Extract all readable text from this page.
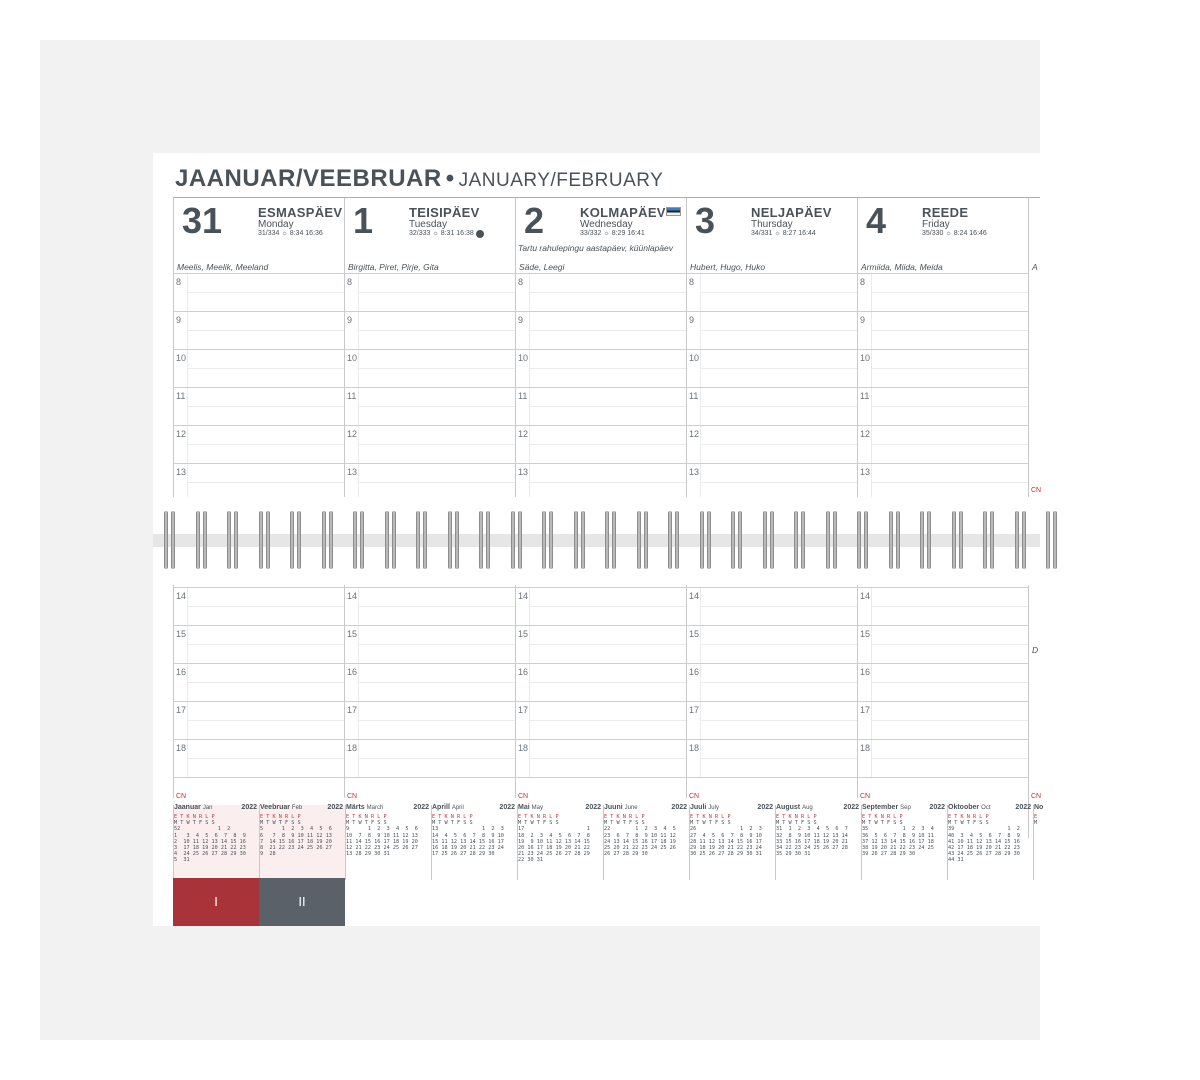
JAANUAR/VEEBRUAR • JANUARY/FEBRUARY
31	ESMASPÄEV
Monday
31/334 ☼ 8:34 16:36
Meelis, Meelik, Meeland
8
9
10
11
12
13
14
15
16
17
18
CN
1	TEISIPÄEV
Tuesday
32/333 ☼ 8:31 16:38
Birgitta, Piret, Pirje, Gita
8
9
10
11
12
13
14
15
16
17
18
CN
2	KOLMAPÄEV
Wednesday
33/332 ☼ 8:29 16:41
Tartu rahulepingu aastapäev, küünlapäev
Säde, Leegi
8
9
10
11
12
13
14
15
16
17
18
CN
3	NELJAPÄEV
Thursday
34/331 ☼ 8:27 16:44
Hubert, Hugo, Huko
8
9
10
11
12
13
14
15
16
17
18
CN
4	REEDE
Friday
35/330 ☼ 8:24 16:46
Armiida, Miida, Meida
8
9
10
11
12
13
14
15
16
17
18
CN
A
CN
D
CN
Jaanuar Jan	2022
E T K N R L P
M T W T F S S
52            1  2
1   3  4  5  6  7  8  9
2  10 11 12 13 14 15 16
3  17 18 19 20 21 22 23
4  24 25 26 27 28 29 30
5  31
Veebruar Feb	2022
E T K N R L P
M T W T F S S
5      1  2  3  4  5  6
6   7  8  9 10 11 12 13
7  14 15 16 17 18 19 20
8  21 22 23 24 25 26 27
9  28
Märts March	2022
E T K N R L P
M T W T F S S
9      1  2  3  4  5  6
10  7  8  9 10 11 12 13
11 14 15 16 17 18 19 20
12 21 22 23 24 25 26 27
13 28 29 30 31
Aprill April	2022
E T K N R L P
M T W T F S S
13              1  2  3
14  4  5  6  7  8  9 10
15 11 12 13 14 15 16 17
16 18 19 20 21 22 23 24
17 25 26 27 28 29 30
Mai May	2022
E T K N R L P
M T W T F S S
17                    1
18  2  3  4  5  6  7  8
19  9 10 11 12 13 14 15
20 16 17 18 19 20 21 22
21 23 24 25 26 27 28 29
22 30 31
Juuni June	2022
E T K N R L P
M T W T F S S
22        1  2  3  4  5
23  6  7  8  9 10 11 12
24 13 14 15 16 17 18 19
25 20 21 22 23 24 25 26
26 27 28 29 30
Juuli July	2022
E T K N R L P
M T W T F S S
26              1  2  3
27  4  5  6  7  8  9 10
28 11 12 13 14 15 16 17
29 18 19 20 21 22 23 24
30 25 26 27 28 29 30 31
August Aug	2022
E T K N R L P
M T W T F S S
31  1  2  3  4  5  6  7
32  8  9 10 11 12 13 14
33 15 16 17 18 19 20 21
34 22 23 24 25 26 27 28
35 29 30 31
September Sep	2022
E T K N R L P
M T W T F S S
35           1  2  3  4
36  5  6  7  8  9 10 11
37 12 13 14 15 16 17 18
38 19 20 21 22 23 24 25
39 26 27 28 29 30
Oktoober Oct	2022
E T K N R L P
M T W T F S S
39                 1  2
40  3  4  5  6  7  8  9
41 10 11 12 13 14 15 16
42 17 18 19 20 21 22 23
43 24 25 26 27 28 29 30
44 31
No
E
M
I	II
